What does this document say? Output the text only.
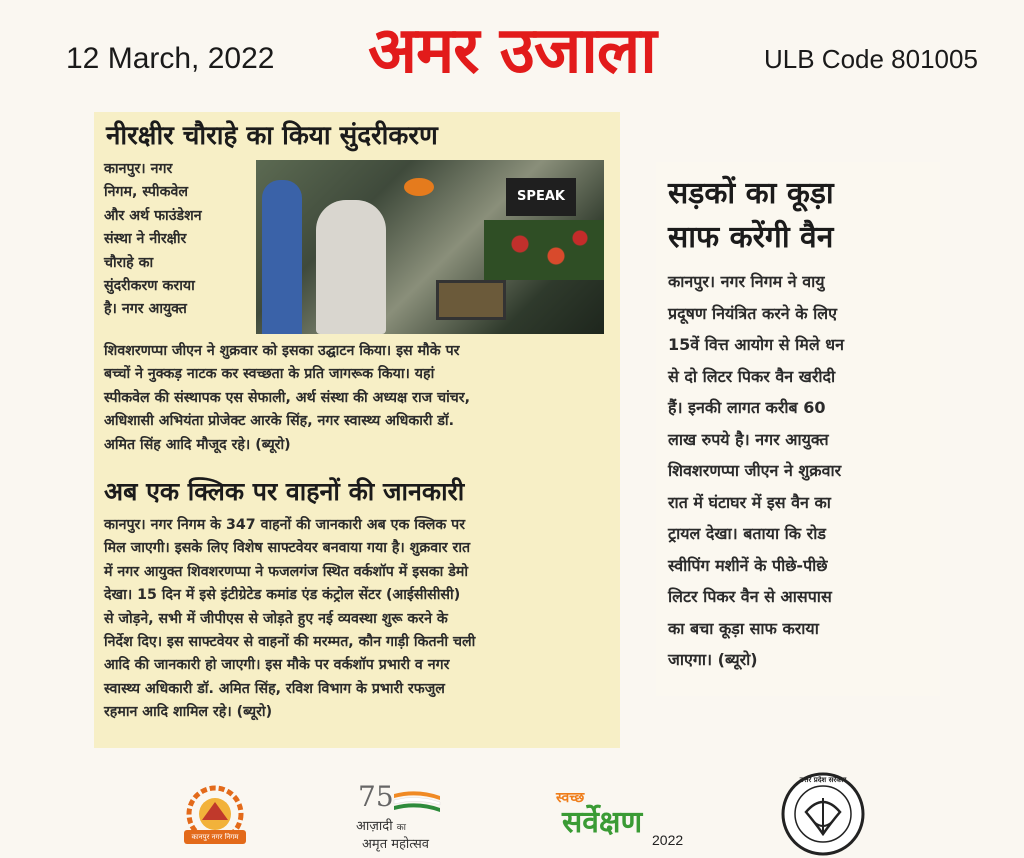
12 March, 2022	अमर उजाला	ULB Code 801005
नीरक्षीर चौराहे का किया सुंदरीकरण
कानपुर। नगर
निगम, स्पीकवेल
और अर्थ फाउंडेशन
संस्था ने नीरक्षीर
चौराहे का
सुंदरीकरण कराया
है। नगर आयुक्त
SPEAK
शिवशरणप्पा जीएन ने शुक्रवार को इसका उद्घाटन किया। इस मौके पर
बच्चों ने नुक्कड़ नाटक कर स्वच्छता के प्रति जागरूक किया। यहां
स्पीकवेल की संस्थापक एस सेफाली, अर्थ संस्था की अध्यक्ष राज चांचर,
अधिशासी अभियंता प्रोजेक्ट आरके सिंह, नगर स्वास्थ्य अधिकारी डॉ.
अमित सिंह आदि मौजूद रहे। (ब्यूरो)
अब एक क्लिक पर वाहनों की जानकारी
कानपुर। नगर निगम के 347 वाहनों की जानकारी अब एक क्लिक पर
मिल जाएगी। इसके लिए विशेष साफ्टवेयर बनवाया गया है। शुक्रवार रात
में नगर आयुक्त शिवशरणप्पा ने फजलगंज स्थित वर्कशॉप में इसका डेमो
देखा। 15 दिन में इसे इंटीग्रेटेड कमांड एंड कंट्रोल सेंटर (आईसीसीसी)
से जोड़ने, सभी में जीपीएस से जोड़ते हुए नई व्यवस्था शुरू करने के
निर्देश दिए। इस साफ्टवेयर से वाहनों की मरम्मत, कौन गाड़ी कितनी चली
आदि की जानकारी हो जाएगी। इस मौके पर वर्कशॉप प्रभारी व नगर
स्वास्थ्य अधिकारी डॉ. अमित सिंह, रविश विभाग के प्रभारी रफजुल
रहमान आदि शामिल रहे। (ब्यूरो)
सड़कों का कूड़ा
साफ करेंगी वैन
कानपुर। नगर निगम ने वायु
प्रदूषण नियंत्रित करने के लिए
15वें वित्त आयोग से मिले धन
से दो लिटर पिकर वैन खरीदी
हैं। इनकी लागत करीब 60
लाख रुपये है। नगर आयुक्त
शिवशरणप्पा जीएन ने शुक्रवार
रात में घंटाघर में इस वैन का
ट्रायल देखा। बताया कि रोड
स्वीपिंग मशीनें के पीछे-पीछे
लिटर पिकर वैन से आसपास
का बचा कूड़ा साफ कराया
जाएगा। (ब्यूरो)
कानपुर नगर निगम
75
आज़ादी का
अमृत महोत्सव
स्वच्छ
सर्वेक्षण 2022
उत्तर प्रदेश सरकार
